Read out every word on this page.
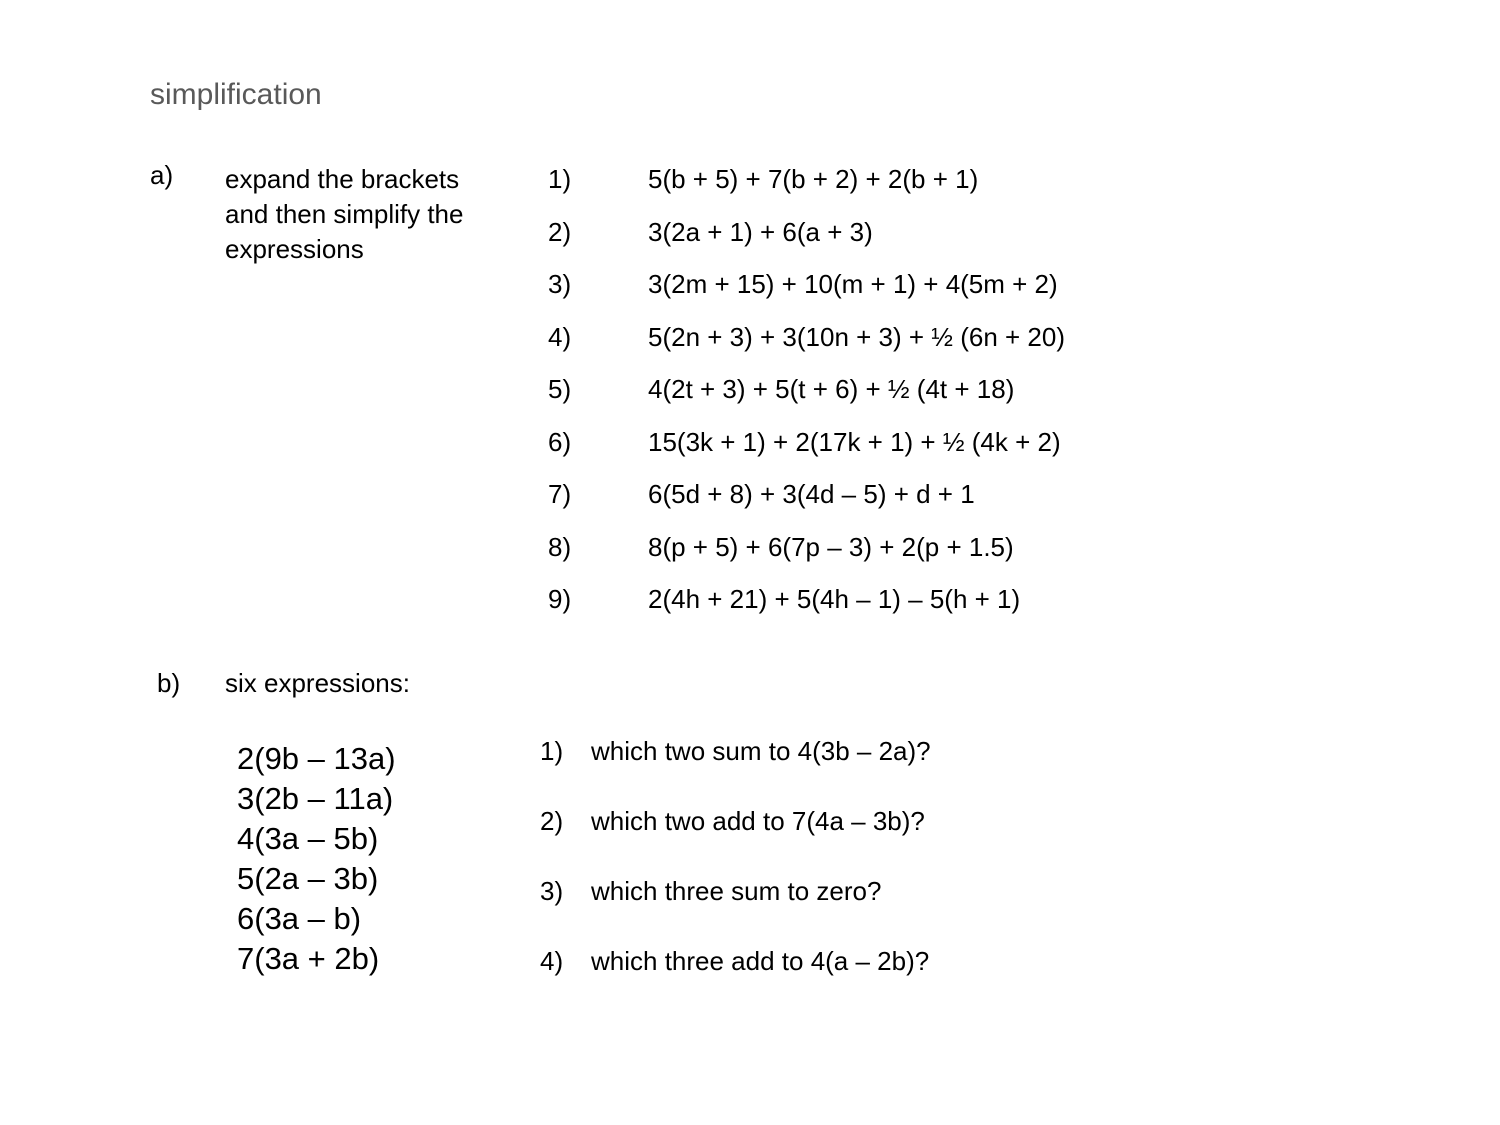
simplification
a) expand the brackets
and then simplify the
expressions
1)	5(b + 5) + 7(b + 2) + 2(b + 1)
2)	3(2a + 1) + 6(a + 3)
3)	3(2m + 15) + 10(m + 1) + 4(5m + 2)
4)	5(2n + 3) + 3(10n + 3) + ½ (6n + 20)
5)	4(2t + 3) + 5(t + 6) + ½ (4t + 18)
6)	15(3k + 1) + 2(17k + 1) + ½ (4k + 2)
7)	6(5d + 8) + 3(4d – 5) + d + 1
8)	8(p + 5) + 6(7p – 3) + 2(p + 1.5)
9)	2(4h + 21) + 5(4h – 1) – 5(h + 1)
b) six expressions:
2(9b – 13a)
3(2b – 11a)
4(3a – 5b)
5(2a – 3b)
6(3a – b)
7(3a + 2b)
1) which two sum to 4(3b – 2a)?
2) which two add to 7(4a – 3b)?
3) which three sum to zero?
4) which three add to 4(a – 2b)?
